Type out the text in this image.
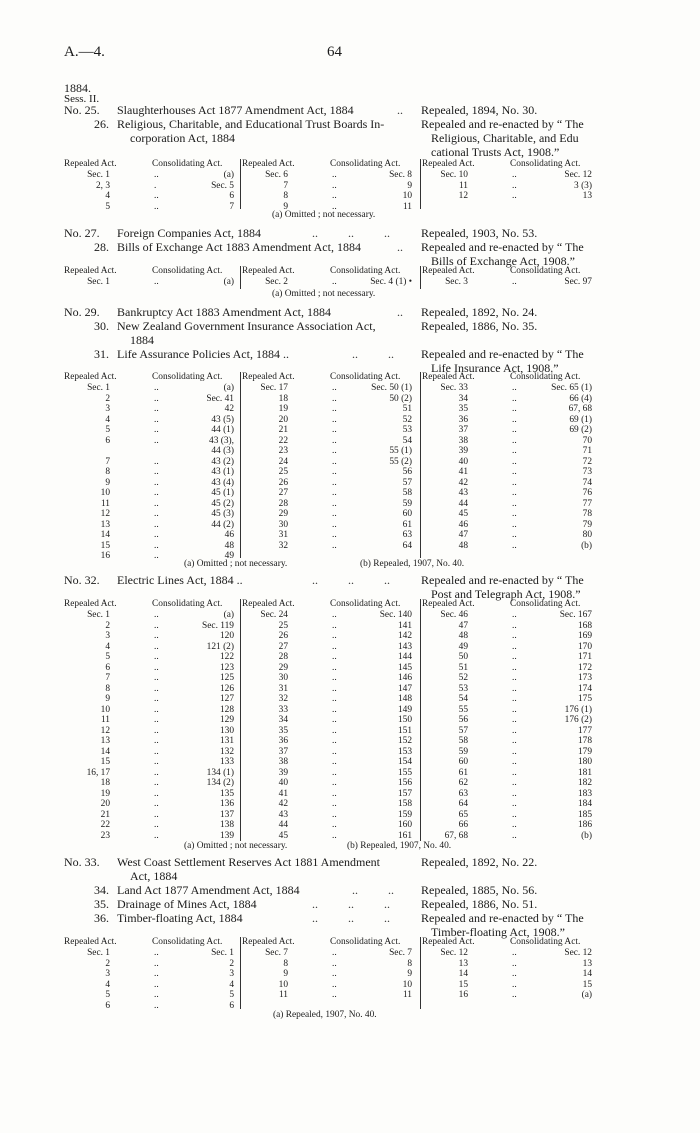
A.—4.	64
1884.
Sess. II.
No. 25.	Slaughterhouses Act 1877 Amendment Act, 1884	.. Repealed, 1894, No. 30.
26. Religious, Charitable, and Educational Trust Boards In-	Repealed and re-enacted by “ The
corporation Act, 1884	Religious, Charitable, and Edu
cational Trusts Act, 1908.”
Repealed Act.	Consolidating Act.
Sec. 1	..	(a)
2, 3	.	Sec. 5
4	..	6
5	..	7
Repealed Act.	Consolidating Act.
Sec. 6	..	Sec. 8
7	..	9
8	..	10
9	..	11
Repealed Act.	Consolidating Act.
Sec. 10	..	Sec. 12
11	..	3 (3)
12	..	13
(a) Omitted ; not necessary.
No. 27.	Foreign Companies Act, 1884	..          ..          ..	Repealed, 1903, No. 53.
28. Bills of Exchange Act 1883 Amendment Act, 1884	.. Repealed and re-enacted by “ The
Bills of Exchange Act, 1908.”
Repealed Act.	Consolidating Act.
Sec. 1	..	(a)
Repealed Act.	Consolidating Act.
Sec. 2	..	Sec. 4 (1) •
Repealed Act.	Consolidating Act.
Sec. 3	..	Sec. 97
(a) Omitted ; not necessary.
No. 29.	Bankruptcy Act 1883 Amendment Act, 1884	.. Repealed, 1892, No. 24.
30. New Zealand Government Insurance Association Act,	Repealed, 1886, No. 35.
1884
31. Life Assurance Policies Act, 1884 ..	..          .. Repealed and re-enacted by “ The
Life Insurance Act, 1908.”
Repealed Act.	Consolidating Act.
Sec. 1	..	(a)
2	..	Sec. 41
3	..	42
4	..	43 (5)
5	..	44 (1)
6	..	43 (3),
44 (3)
7	..	43 (2)
8	..	43 (1)
9	..	43 (4)
10	..	45 (1)
11	..	45 (2)
12	..	45 (3)
13	..	44 (2)
14	..	46
15	..	48
16	..	49
Repealed Act.	Consolidating Act.
Sec. 17	..	Sec. 50 (1)
18	..	50 (2)
19	..	51
20	..	52
21	..	53
22	..	54
23	..	55 (1)
24	..	55 (2)
25	..	56
26	..	57
27	..	58
28	..	59
29	..	60
30	..	61
31	..	63
32	..	64
Repealed Act.	Consolidating Act.
Sec. 33	..	Sec. 65 (1)
34	..	66 (4)
35	..	67, 68
36	..	69 (1)
37	..	69 (2)
38	..	70
39	..	71
40	..	72
41	..	73
42	..	74
43	..	76
44	..	77
45	..	78
46	..	79
47	..	80
48	..	(b)
(a) Omitted ; not necessary.	(b) Repealed, 1907, No. 40.
No. 32.	Electric Lines Act, 1884 ..	..          ..          ..	Repealed and re-enacted by “ The
Post and Telegraph Act, 1908.”
Repealed Act.	Consolidating Act.
Sec. 1	..	(a)
2	..	Sec. 119
3	..	120
4	..	121 (2)
5	..	122
6	..	123
7	..	125
8	..	126
9	..	127
10	..	128
11	..	129
12	..	130
13	..	131
14	..	132
15	..	133
16, 17	..	134 (1)
18	..	134 (2)
19	..	135
20	..	136
21	..	137
22	..	138
23	..	139
Repealed Act.	Consolidating Act.
Sec. 24	..	Sec. 140
25	..	141
26	..	142
27	..	143
28	..	144
29	..	145
30	..	146
31	..	147
32	..	148
33	..	149
34	..	150
35	..	151
36	..	152
37	..	153
38	..	154
39	..	155
40	..	156
41	..	157
42	..	158
43	..	159
44	..	160
45	..	161
Repealed Act.	Consolidating Act.
Sec. 46	..	Sec. 167
47	..	168
48	..	169
49	..	170
50	..	171
51	..	172
52	..	173
53	..	174
54	..	175
55	..	176 (1)
56	..	176 (2)
57	..	177
58	..	178
59	..	179
60	..	180
61	..	181
62	..	182
63	..	183
64	..	184
65	..	185
66	..	186
67, 68	..	(b)
(a) Omitted ; not necessary.	(b) Repealed, 1907, No. 40.
No. 33.	West Coast Settlement Reserves Act 1881 Amendment	Repealed, 1892, No. 22.
Act, 1884
34. Land Act 1877 Amendment Act, 1884	..          .. Repealed, 1885, No. 56.
35. Drainage of Mines Act, 1884	..          ..          ..	Repealed, 1886, No. 51.
36. Timber-floating Act, 1884	..          ..          ..	Repealed and re-enacted by “ The
Timber-floating Act, 1908.”
Repealed Act.	Consolidating Act.
Sec. 1	..	Sec. 1
2	..	2
3	..	3
4	..	4
5	..	5
6	..	6
Repealed Act.	Consolidating Act.
Sec. 7	..	Sec. 7
8	..	8
9	..	9
10	..	10
11	..	11
Repealed Act.	Consolidating Act.
Sec. 12	..	Sec. 12
13	..	13
14	..	14
15	..	15
16	..	(a)
(a) Repealed, 1907, No. 40.
